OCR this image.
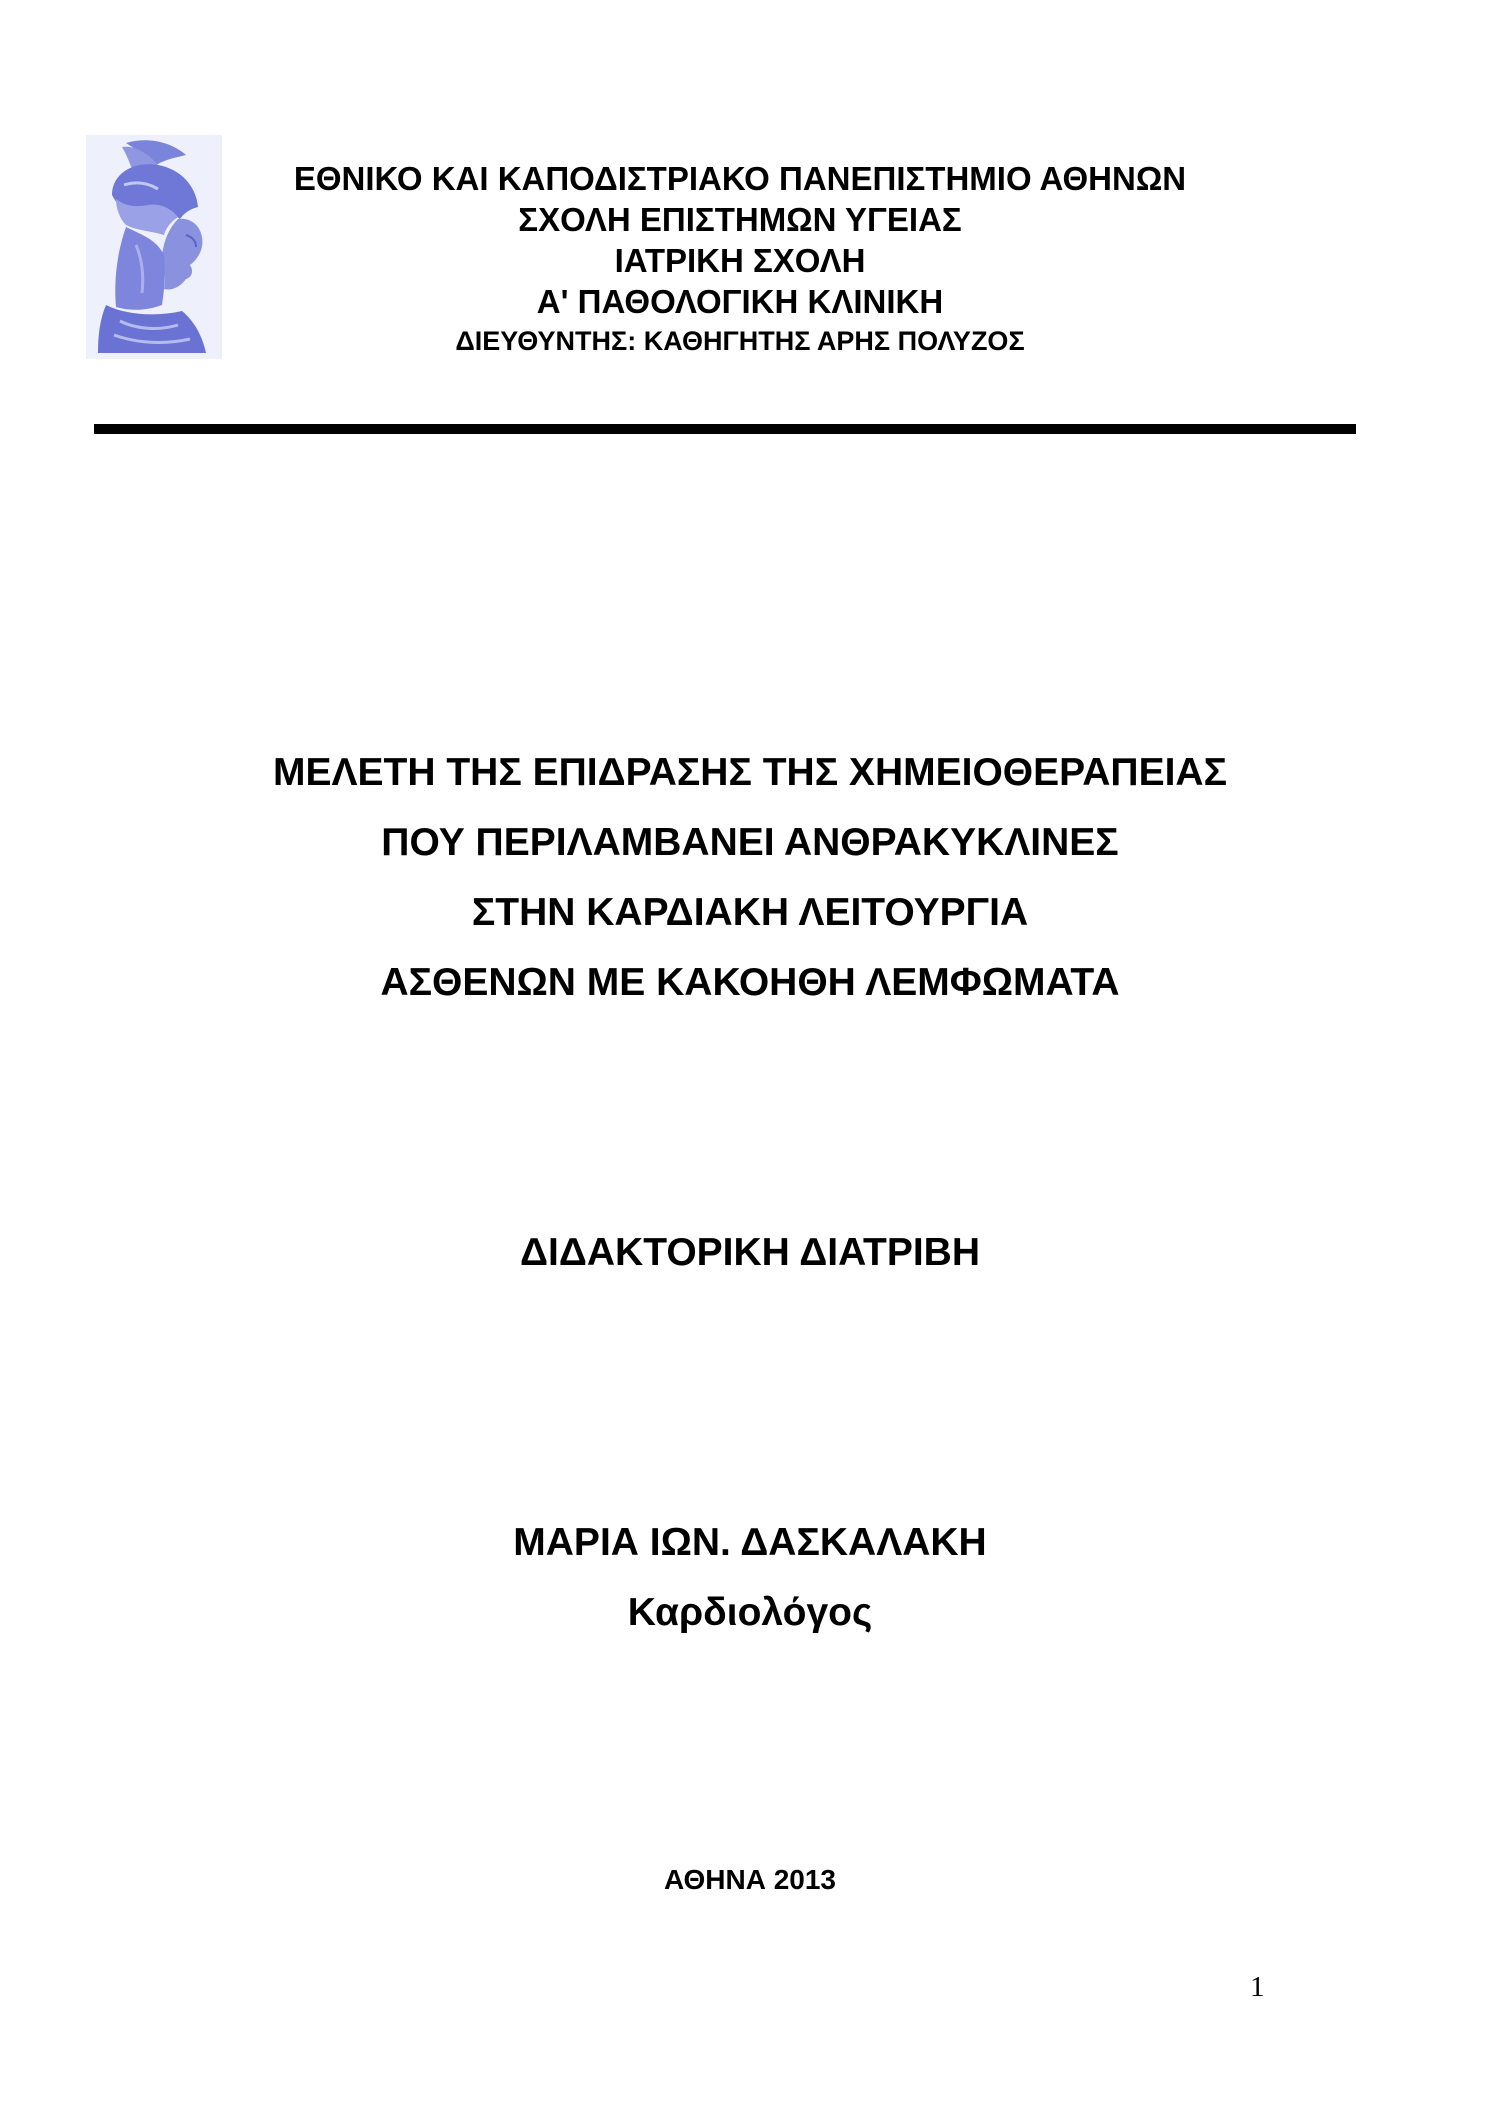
ΕΘΝΙΚΟ ΚΑΙ ΚΑΠΟΔΙΣΤΡΙΑΚΟ ΠΑΝΕΠΙΣΤΗΜΙΟ ΑΘΗΝΩΝ
ΣΧΟΛΗ ΕΠΙΣΤΗΜΩΝ ΥΓΕΙΑΣ
ΙΑΤΡΙΚΗ ΣΧΟΛΗ
Α' ΠΑΘΟΛΟΓΙΚΗ ΚΛΙΝΙΚΗ
ΔΙΕΥΘΥΝΤΗΣ: ΚΑΘΗΓΗΤΗΣ ΑΡΗΣ ΠΟΛΥΖΟΣ
ΜΕΛΕΤΗ ΤΗΣ ΕΠΙΔΡΑΣΗΣ ΤΗΣ ΧΗΜΕΙΟΘΕΡΑΠΕΙΑΣ
ΠΟΥ ΠΕΡΙΛΑΜΒΑΝΕΙ ΑΝΘΡΑΚΥΚΛΙΝΕΣ
ΣΤΗΝ ΚΑΡΔΙΑΚΗ ΛΕΙΤΟΥΡΓΙΑ
ΑΣΘΕΝΩΝ ΜΕ ΚΑΚΟΗΘΗ ΛΕΜΦΩΜΑΤΑ
ΔΙΔΑΚΤΟΡΙΚΗ ΔΙΑΤΡΙΒΗ
ΜΑΡΙΑ ΙΩΝ. ΔΑΣΚΑΛΑΚΗ
Καρδιολόγος
ΑΘΗΝΑ 2013
1
